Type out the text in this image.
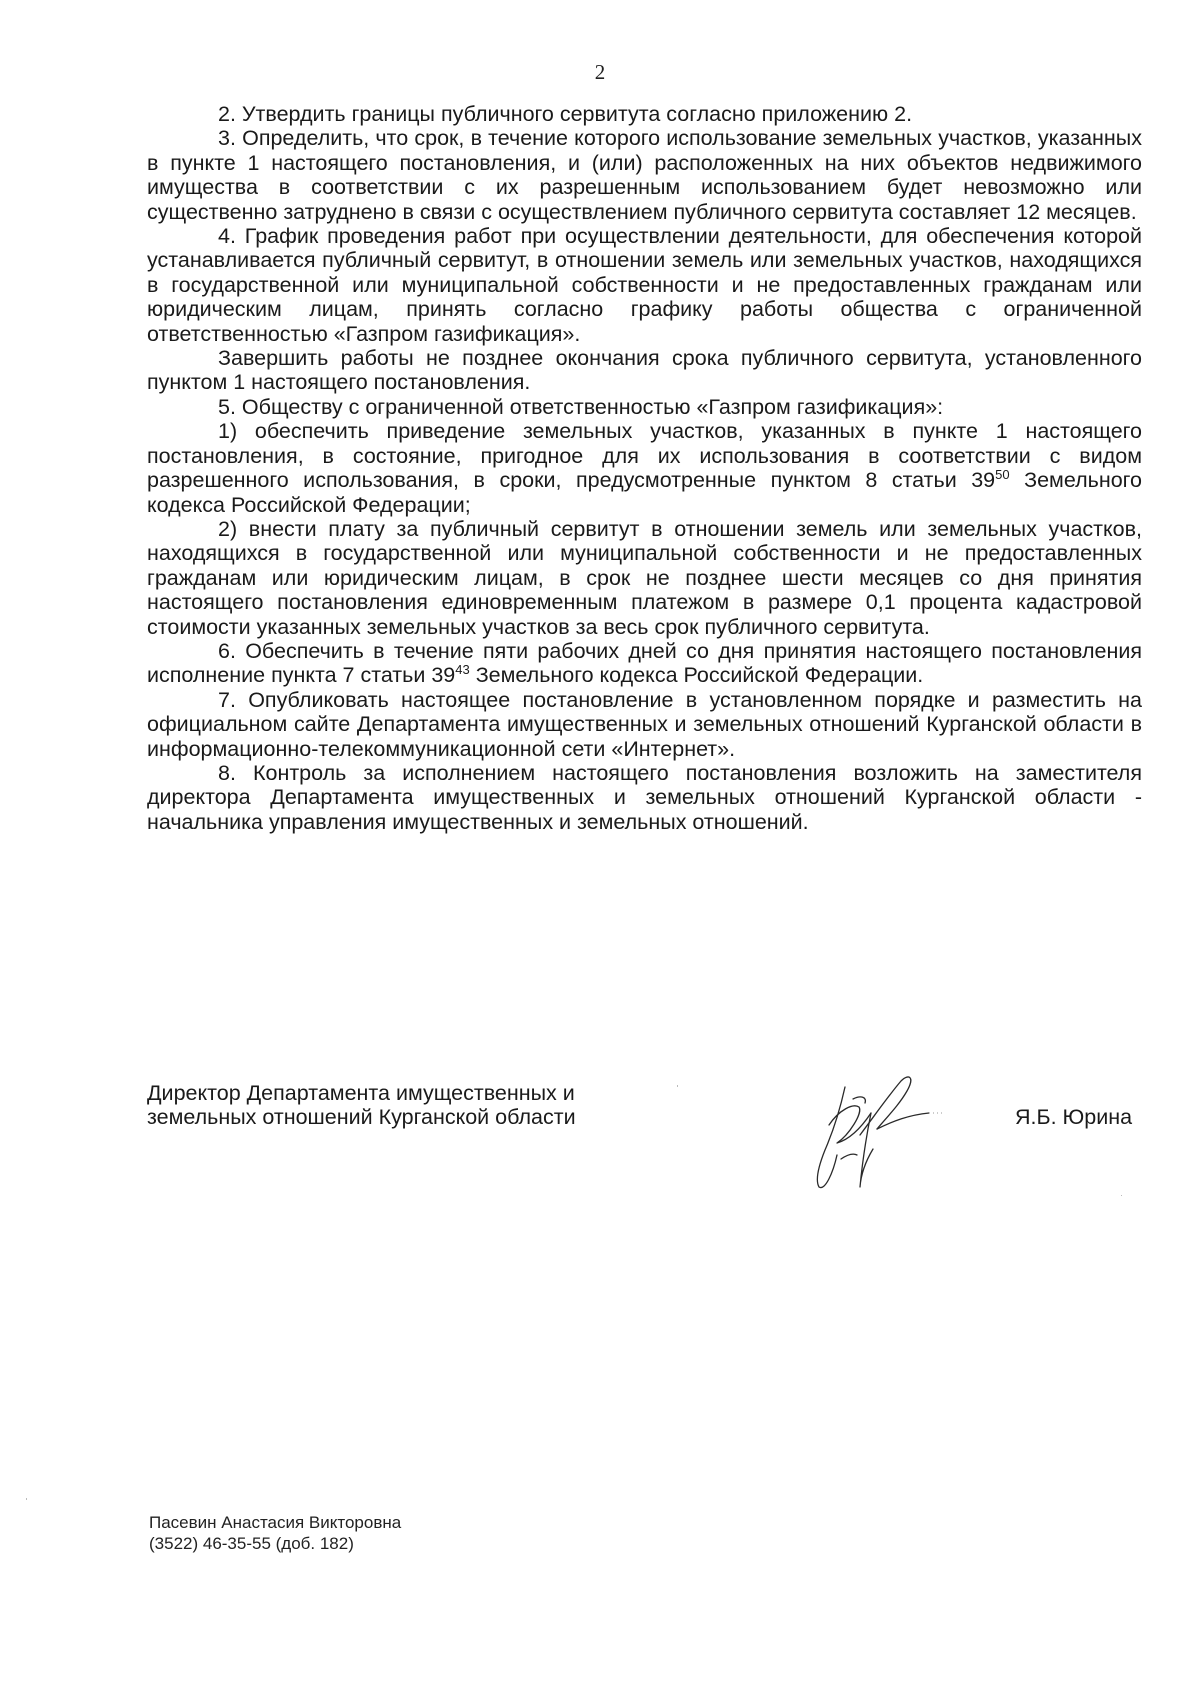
2

2. Утвердить границы публичного сервитута согласно приложению 2.

3. Определить, что срок, в течение которого использование земельных участков, указанных в пункте 1 настоящего постановления, и (или) расположенных на них объектов недвижимого имущества в соответствии с их разрешенным использованием будет невозможно или существенно затруднено в связи с осуществлением публичного сервитута составляет 12 месяцев.

4. График проведения работ при осуществлении деятельности, для обеспечения которой устанавливается публичный сервитут, в отношении земель или земельных участков, находящихся в государственной или муниципальной собственности и не предоставленных гражданам или юридическим лицам, принять согласно графику работы общества с ограниченной ответственностью «Газпром газификация».

Завершить работы не позднее окончания срока публичного сервитута, установленного пунктом 1 настоящего постановления.

5. Обществу с ограниченной ответственностью «Газпром газификация»:

1) обеспечить приведение земельных участков, указанных в пункте 1 настоящего постановления, в состояние, пригодное для их использования в соответствии с видом разрешенного использования, в сроки, предусмотренные пунктом 8 статьи $39^{50}$ Земельного кодекса Российской Федерации;

2) внести плату за публичный сервитут в отношении земель или земельных участков, находящихся в государственной или муниципальной собственности и не предоставленных гражданам или юридическим лицам, в срок не позднее шести месяцев со дня принятия настоящего постановления единовременным платежом в размере 0,1 процента кадастровой стоимости указанных земельных участков за весь срок публичного сервитута.

6. Обеспечить в течение пяти рабочих дней со дня принятия настоящего постановления исполнение пункта 7 статьи $39^{43}$ Земельного кодекса Российской Федерации.

7. Опубликовать настоящее постановление в установленном порядке и разместить на официальном сайте Департамента имущественных и земельных отношений Курганской области в информационно-телекоммуникационной сети «Интернет».

8. Контроль за исполнением настоящего постановления возложить на заместителя директора Департамента имущественных и земельных отношений Курганской области - начальника управления имущественных и земельных отношений.

Директор Департамента имущественных и
земельных отношений Курганской области	Я.Б. Юрина
Пасевин Анастасия Викторовна
(3522) 46-35-55 (доб. 182)
